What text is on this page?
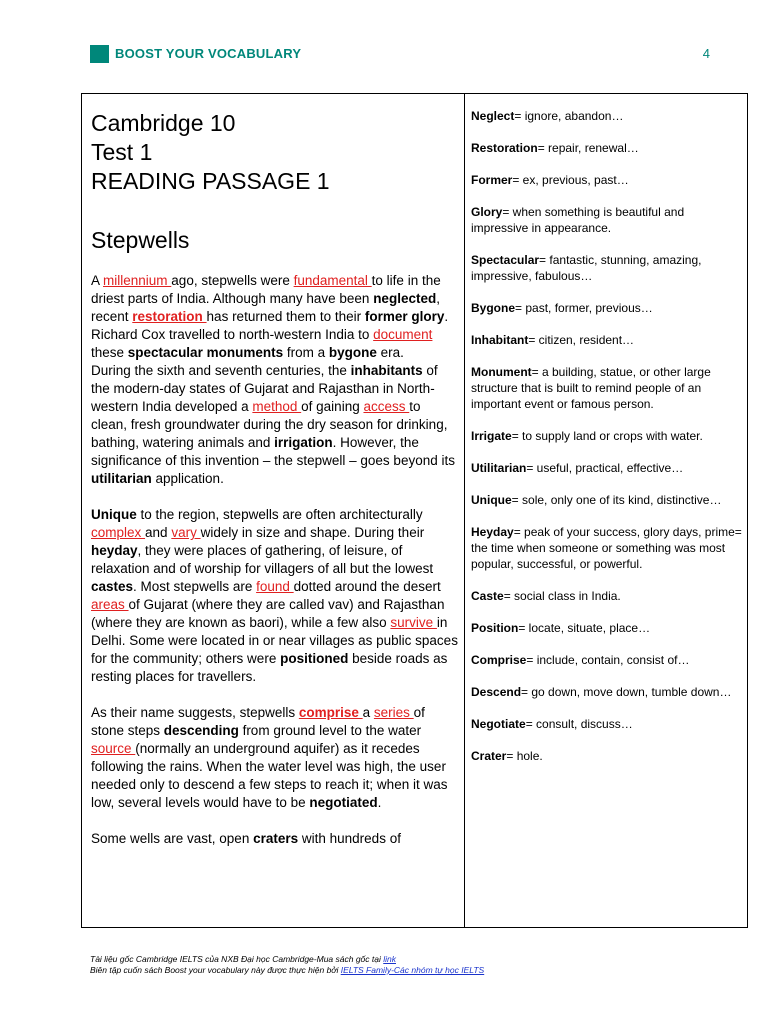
BOOST YOUR VOCABULARY	4
Cambridge 10
Test 1
READING PASSAGE 1
Stepwells

A millennium ago, stepwells were fundamental to life in the driest parts of India. Although many have been neglected, recent restoration has returned them to their former glory. Richard Cox travelled to north-western India to document these spectacular monuments from a bygone era.

During the sixth and seventh centuries, the inhabitants of the modern-day states of Gujarat and Rajasthan in North-western India developed a method of gaining access to clean, fresh groundwater during the dry season for drinking, bathing, watering animals and irrigation. However, the significance of this invention – the stepwell – goes beyond its utilitarian application.

Unique to the region, stepwells are often architecturally complex and vary widely in size and shape. During their heyday, they were places of gathering, of leisure, of relaxation and of worship for villagers of all but the lowest castes. Most stepwells are found dotted around the desert areas of Gujarat (where they are called vav) and Rajasthan (where they are known as baori), while a few also survive in Delhi. Some were located in or near villages as public spaces for the community; others were positioned beside roads as resting places for travellers.

As their name suggests, stepwells comprise a series of stone steps descending from ground level to the water source (normally an underground aquifer) as it recedes following the rains. When the water level was high, the user needed only to descend a few steps to reach it; when it was low, several levels would have to be negotiated.

Some wells are vast, open craters with hundreds of

Neglect= ignore, abandon…
Restoration= repair, renewal…
Former= ex, previous, past…
Glory= when something is beautiful and impressive in appearance.
Spectacular= fantastic, stunning, amazing, impressive, fabulous…
Bygone= past, former, previous…
Inhabitant= citizen, resident…
Monument= a building, statue, or other large structure that is built to remind people of an important event or famous person.
Irrigate= to supply land or crops with water.
Utilitarian= useful, practical, effective…
Unique= sole, only one of its kind, distinctive…
Heyday= peak of your success, glory days, prime= the time when someone or something was most popular, successful, or powerful.
Caste= social class in India.
Position= locate, situate, place…
Comprise= include, contain, consist of…
Descend= go down, move down, tumble down…
Negotiate= consult, discuss…
Crater= hole.
Tài liệu gốc Cambridge IELTS của NXB Đại học Cambridge-Mua sách gốc tại link
Biên tập cuốn sách Boost your vocabulary này được thực hiện bởi IELTS Family-Các nhóm tự học IELTS
